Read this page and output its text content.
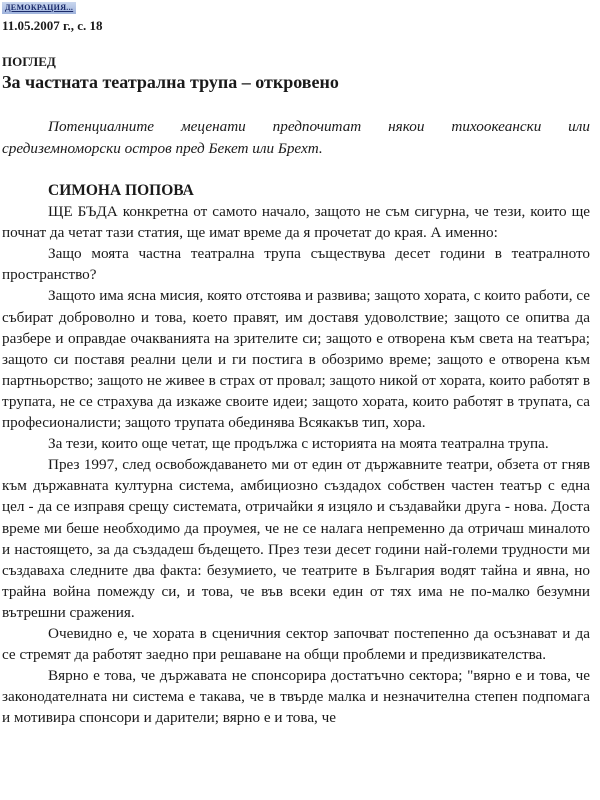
ДЕМОКРАЦИЯ...
11.05.2007 г., с. 18
ПОГЛЕД
За частната театрална трупа – откровено
Потенциалните меценати предпочитат някои тихоокеански или средиземноморски остров пред Бекет или Брехт.
СИМОНА ПОПОВА

ЩЕ БЪДА конкретна от самото начало, защото не съм сигурна, че тези, които ще почнат да четат тази статия, ще имат време да я прочетат до края. А именно:

Защо моята частна театрална трупа съществува десет години в театралното пространство?

Защото има ясна мисия, която отстоява и развива; защото хората, с които работи, се събират доброволно и това, което правят, им доставя удоволствие; защото се опитва да разбере и оправдае очакванията на зрителите си; защото е отворена към света на театъра; защото си поставя реални цели и ги постига в обозримо време; защото е отворена към партньорство; защото не живее в страх от провал; защото никой от хората, които работят в трупата, не се страхува да изкаже своите идеи; защото хората, които работят в трупата, са професионалисти; защото трупата обединява Всякакъв тип, хора.

За тези, които още четат, ще продължа с историята на моята театрална трупа.

През 1997, след освобождаването ми от един от държавните театри, обзета от гняв към държавната културна система, амбициозно създадох собствен частен театър с една цел - да се изправя срещу системата, отричайки я изцяло и създавайки друга - нова. Доста време ми беше необходимо да проумея, че не се налага непременно да отричаш миналото и настоящето, за да създадеш бъдещето. През тези десет години най-големи трудности ми създаваха следните два факта: безумието, че театрите в България водят тайна и явна, но трайна война помежду си, и това, че във всеки един от тях има не по-малко безумни вътрешни сражения.

Очевидно е, че хората в сценичния сектор започват постепенно да осъзнават и да се стремят да работят заедно при решаване на общи проблеми и предизвикателства.

Вярно е това, че държавата не спонсорира достатъчно сектора; "вярно е и това, че законодателната ни система е такава, че в твърде малка и незначителна степен подпомага и мотивира спонсори и дарители; вярно е и това, че
